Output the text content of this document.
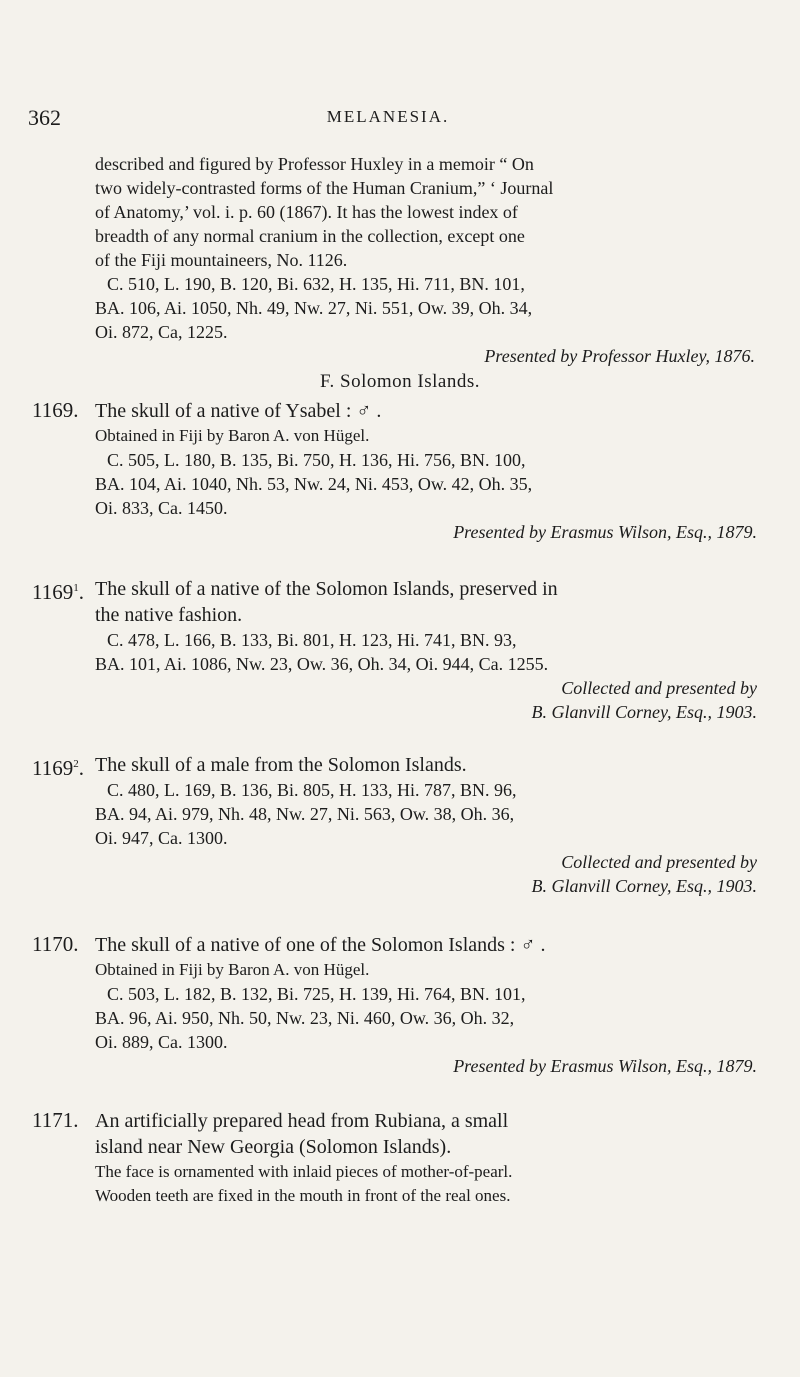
362	MELANESIA.
described and figured by Professor Huxley in a memoir “ On
two widely-contrasted forms of the Human Cranium,” ‘ Journal
of Anatomy,’ vol. i. p. 60 (1867). It has the lowest index of
breadth of any normal cranium in the collection, except one
of the Fiji mountaineers, No. 1126.
C. 510, L. 190, B. 120, Bi. 632, H. 135, Hi. 711, BN. 101,
BA. 106, Ai. 1050, Nh. 49, Nw. 27, Ni. 551, Ow. 39, Oh. 34,
Oi. 872, Ca, 1225.
Presented by Professor Huxley, 1876.
F. Solomon Islands.
1169. The skull of a native of Ysabel : ♂ .
Obtained in Fiji by Baron A. von Hügel.
C. 505, L. 180, B. 135, Bi. 750, H. 136, Hi. 756, BN. 100,
BA. 104, Ai. 1040, Nh. 53, Nw. 24, Ni. 453, Ow. 42, Oh. 35,
Oi. 833, Ca. 1450.
Presented by Erasmus Wilson, Esq., 1879.
1169$^1$. The skull of a native of the Solomon Islands, preserved in
the native fashion.
C. 478, L. 166, B. 133, Bi. 801, H. 123, Hi. 741, BN. 93,
BA. 101, Ai. 1086, Nw. 23, Ow. 36, Oh. 34, Oi. 944, Ca. 1255.
Collected and presented by
B. Glanvill Corney, Esq., 1903.
1169$^2$. The skull of a male from the Solomon Islands.
C. 480, L. 169, B. 136, Bi. 805, H. 133, Hi. 787, BN. 96,
BA. 94, Ai. 979, Nh. 48, Nw. 27, Ni. 563, Ow. 38, Oh. 36,
Oi. 947, Ca. 1300.
Collected and presented by
B. Glanvill Corney, Esq., 1903.
1170. The skull of a native of one of the Solomon Islands : ♂ .
Obtained in Fiji by Baron A. von Hügel.
C. 503, L. 182, B. 132, Bi. 725, H. 139, Hi. 764, BN. 101,
BA. 96, Ai. 950, Nh. 50, Nw. 23, Ni. 460, Ow. 36, Oh. 32,
Oi. 889, Ca. 1300.
Presented by Erasmus Wilson, Esq., 1879.
1171. An artificially prepared head from Rubiana, a small
island near New Georgia (Solomon Islands).
The face is ornamented with inlaid pieces of mother-of-pearl.
Wooden teeth are fixed in the mouth in front of the real ones.
